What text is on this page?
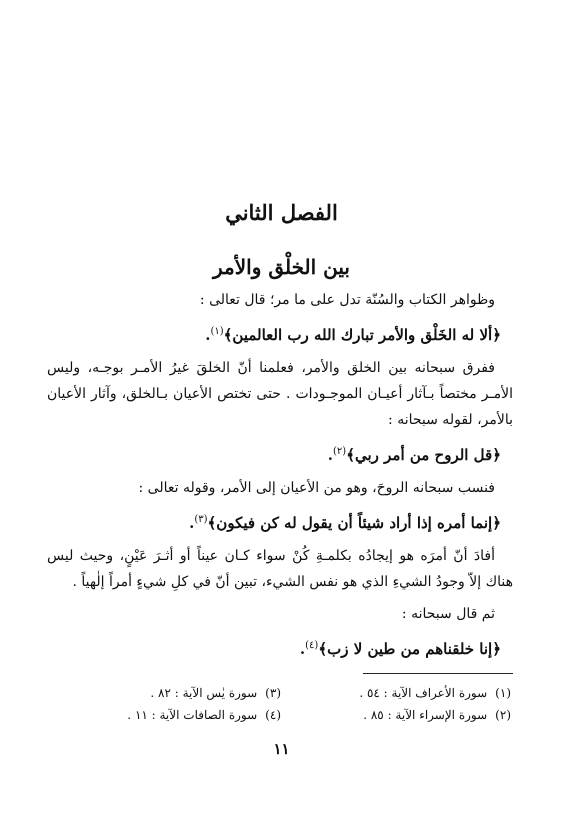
الفصل الثاني
بين الخلْق والأمر

وظواهر الكتاب والسُنّة تدل على ما مر؛ قال تعالى :

﴿ألا له الخَلْق والأمر تبارك الله رب العالمين﴾$^{(١)}$.

ففرق سبحانه بين الخلق والأمر، فعلمنا أنّ الخلقَ غيرُ الأمـر بوجـه، وليس الأمـر مختصاً بـآثار أعيـان الموجـودات . حتى تختص الأعيان بـالخلق، وآثار الأعيان بالأمر، لقوله سبحانه :

﴿قل الروح من أمر ربي﴾$^{(٢)}$.

فنسب سبحانه الروحَ، وهو من الأعيان إلى الأمر، وقوله تعالى :

﴿إنما أمره إذا أراد شيئاً أن يقول له كن فيكون﴾$^{(٣)}$.

أفادَ أنّ أمرَه هو إيجادُه بكلمـةِ كُنْ سواء كـان عيناً أو أثـرَ عَيْنٍ، وحيث ليس هناك إلاّ وجودُ الشيءِ الذي هو نفس الشيء، تبين أنّ في كلِ شيءٍ أمراً إلٰهياً .

ثم قال سبحانه :

﴿إنا خلقناهم من طين لا زب﴾$^{(٤)}$.

(١)سورة الأعراف الآية : ٥٤ .
(٢)سورة الإسراء الآية : ٨٥ .
(٣)سورة يٰس الآية : ٨٢ .
(٤)سورة الصافات الآية : ١١ .
١١
